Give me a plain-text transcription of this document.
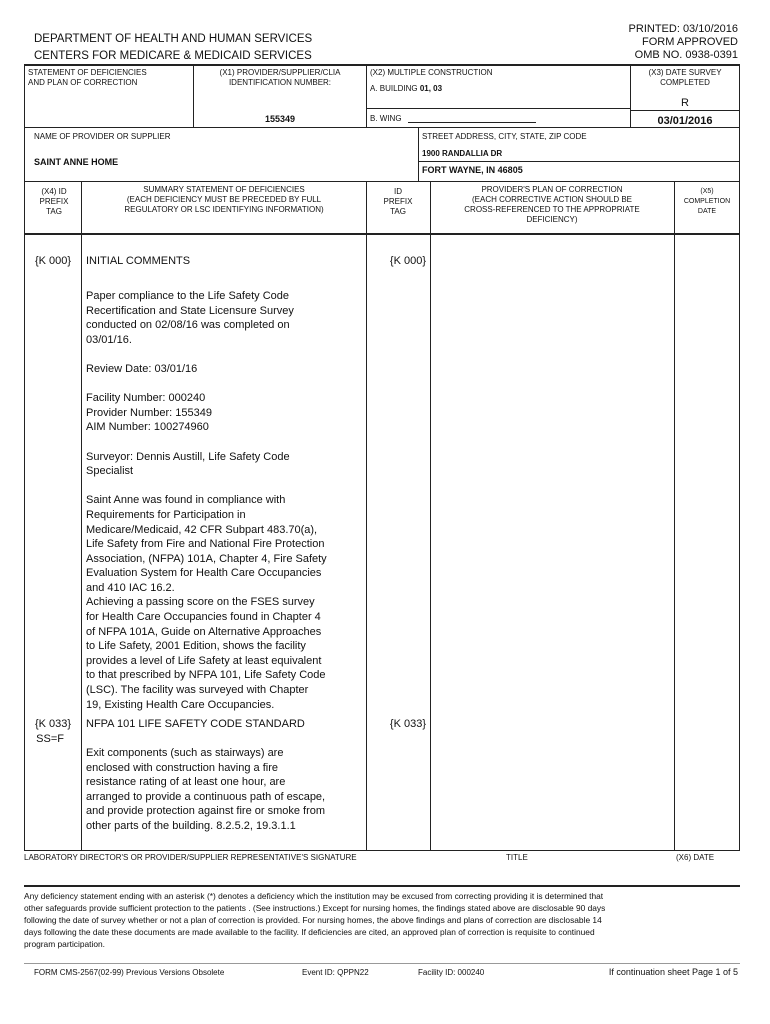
DEPARTMENT OF HEALTH AND HUMAN SERVICES
CENTERS FOR MEDICARE & MEDICAID SERVICES
PRINTED: 03/10/2016
FORM APPROVED
OMB NO. 0938-0391
STATEMENT OF DEFICIENCIES
AND PLAN OF CORRECTION
(X1) PROVIDER/SUPPLIER/CLIA
IDENTIFICATION NUMBER:
155349
(X2) MULTIPLE CONSTRUCTION
A. BUILDING 01, 03
B. WING
(X3) DATE SURVEY
COMPLETED
R
03/01/2016
NAME OF PROVIDER OR SUPPLIER
SAINT ANNE HOME
STREET ADDRESS, CITY, STATE, ZIP CODE
1900 RANDALLIA DR
FORT WAYNE, IN 46805
(X4) ID
PREFIX
TAG
SUMMARY STATEMENT OF DEFICIENCIES
(EACH DEFICIENCY MUST BE PRECEDED BY FULL
REGULATORY OR LSC IDENTIFYING INFORMATION)
ID
PREFIX
TAG
PROVIDER'S PLAN OF CORRECTION
(EACH CORRECTIVE ACTION SHOULD BE
CROSS-REFERENCED TO THE APPROPRIATE
DEFICIENCY)
(X5)
COMPLETION
DATE
{K 000}	INITIAL COMMENTS	{K 000}

Paper compliance to the Life Safety Code
Recertification and State Licensure Survey
conducted on 02/08/16 was completed on
03/01/16.

Review Date: 03/01/16

Facility Number: 000240
Provider Number: 155349
AIM Number: 100274960

Surveyor: Dennis Austill, Life Safety Code
Specialist

Saint Anne was found in compliance with
Requirements for Participation in
Medicare/Medicaid, 42 CFR Subpart 483.70(a),
Life Safety from Fire and National Fire Protection
Association, (NFPA) 101A, Chapter 4, Fire Safety
Evaluation System for Health Care Occupancies
and 410 IAC 16.2.
Achieving a passing score on the FSES survey
for Health Care Occupancies found in Chapter 4
of NFPA 101A, Guide on Alternative Approaches
to Life Safety, 2001 Edition, shows the facility
provides a level of Life Safety at least equivalent
to that prescribed by NFPA 101, Life Safety Code
(LSC). The facility was surveyed with Chapter
19, Existing Health Care Occupancies.

{K 033}
SS=F
NFPA 101 LIFE SAFETY CODE STANDARD	{K 033}

Exit components (such as stairways) are
enclosed with construction having a fire
resistance rating of at least one hour, are
arranged to provide a continuous path of escape,
and provide protection against fire or smoke from
other parts of the building. 8.2.5.2, 19.3.1.1

LABORATORY DIRECTOR'S OR PROVIDER/SUPPLIER REPRESENTATIVE'S SIGNATURE	TITLE	(X6) DATE

Any deficiency statement ending with an asterisk (*) denotes a deficiency which the institution may be excused from correcting providing it is determined that
other safeguards provide sufficient protection to the patients . (See instructions.) Except for nursing homes, the findings stated above are disclosable 90 days
following the date of survey whether or not a plan of correction is provided. For nursing homes, the above findings and plans of correction are disclosable 14
days following the date these documents are made available to the facility. If deficiencies are cited, an approved plan of correction is requisite to continued
program participation.

FORM CMS-2567(02-99) Previous Versions Obsolete	Event ID: QPPN22	Facility ID: 000240	If continuation sheet Page 1 of 5
